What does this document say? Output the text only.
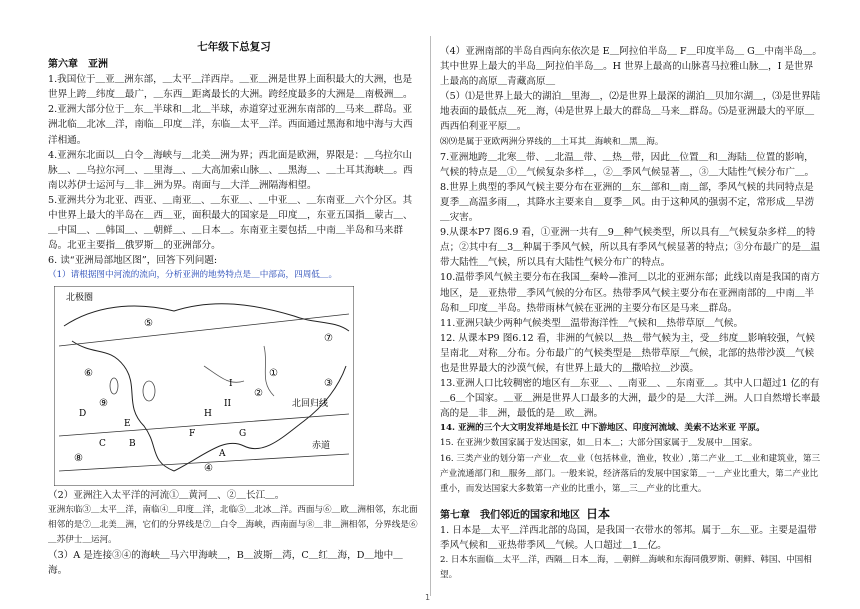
七年级下总复习
第六章　亚洲
1.我国位于＿亚＿洲东部，＿太平＿洋西岸。＿亚＿洲是世界上面积最大的大洲，也是世界上跨＿纬度＿最广，＿东西＿距离最长的大洲。跨经度最多的大洲是＿南极洲＿。
2.亚洲大部分位于＿东＿半球和＿北＿半球，赤道穿过亚洲东南部的＿马来＿群岛。亚洲北临＿北冰＿洋，南临＿印度＿洋，东临＿太平＿洋。西面通过黑海和地中海与大西洋相通。
4.亚洲东北面以＿白令＿海峡与＿北美＿洲为界；西北面是欧洲，界限是：＿乌拉尔山脉＿、＿乌拉尔河＿、＿里海＿、＿大高加索山脉＿、＿黑海＿、＿土耳其海峡＿。西南以苏伊士运河与＿非＿洲为界。南面与＿大洋＿洲隔海相望。
5.亚洲共分为北亚、西亚、＿南亚＿、＿东亚＿、＿中亚＿、＿东南亚＿六个分区。其中世界上最大的半岛在＿西＿亚，面积最大的国家是＿印度＿，东亚五国指＿蒙古＿、＿中国＿、＿韩国＿、＿朝鲜＿、＿日本＿。东南亚主要包括＿中南＿半岛和马来群岛。北亚主要指＿俄罗斯＿的亚洲部分。
6. 读“亚洲局部地区图”，回答下列问题:
（1）请根据图中河流的流向，分析亚洲的地势特点是＿中部高，四周低＿。
北极圈
北回归线
赤道
⑤
④
⑥
⑦
⑧
①
②
③
⑨
I
II
A
B
C
D
E
F	G
H
（2）亚洲注入太平洋的河流①＿黄河＿、②＿长江＿。
亚洲东临③＿太平＿洋，南临④＿印度＿洋，北临⑤＿北冰＿洋。西面与⑥＿欧＿洲相邻，东北面相邻的是⑦＿北美＿洲，它们的分界线是⑦＿白令＿海峡，西南面与⑧＿非＿洲相邻，分界线是⑥＿苏伊士＿运河。
（3）A 是连接③④的海峡＿马六甲海峡＿，B＿波斯＿湾，C＿红＿海，D＿地中＿海。
（4）亚洲南部的半岛自西向东依次是 E＿阿拉伯半岛＿ F＿印度半岛＿ G＿中南半岛＿。其中世界上最大的半岛＿阿拉伯半岛＿。H 世界上最高的山脉喜马拉雅山脉＿，I 是世界上最高的高原＿青藏高原＿
（5）⑴是世界上最大的湖泊＿里海＿，⑵是世界上最深的湖泊＿贝加尔湖＿，⑶是世界陆地表面的最低点＿死＿海，⑷是世界上最大的群岛＿马来＿群岛。⑸是亚洲最大的平原＿西西伯利亚平原＿。
⑻⑼是属于亚欧两洲分界线的＿土耳其＿海峡和＿黑＿海。
7.亚洲地跨＿北寒＿带、＿北温＿带、＿热＿带，因此＿位置＿和＿海陆＿位置的影响，气候的特点是＿①＿气候复杂多样＿，②＿季风气候显著＿，③＿大陆性气候分布广＿。
8.世界上典型的季风气候主要分布在亚洲的＿东＿部和＿南＿部，季风气候的共同特点是夏季＿高温多雨＿，其降水主要来自＿夏季＿风。由于这种风的强弱不定，常形成＿旱涝＿灾害。
9.从课本P7 图6.9 看，①亚洲一共有＿9＿种气候类型，所以具有＿气候复杂多样＿的特点；②其中有＿3＿种属于季风气候，所以具有季风气候显著的特点；③分布最广的是＿温带大陆性＿气候，所以具有大陆性气候分布广的特点。
10.温带季风气候主要分布在我国＿秦岭—淮河＿以北的亚洲东部；此线以南是我国的南方地区，是＿亚热带＿季风气候的分布区。热带季风气候主要分布在亚洲南部的＿中南＿半岛和＿印度＿半岛。热带雨林气候在亚洲的主要分布区是马来＿群岛。
11.亚洲只缺少两种气候类型＿温带海洋性＿气候和＿热带草原＿气候。
12. 从课本P9 图6.12 看，非洲的气候以＿热＿带气候为主，受＿纬度＿影响较强，气候呈南北＿对称＿分布。分布最广的气候类型是＿热带草原＿气候，北部的热带沙漠＿气候也是世界最大的沙漠气候，有世界上最大的＿撒哈拉＿沙漠。
13.亚洲人口比较稠密的地区有＿东亚＿、＿南亚＿、＿东南亚＿。其中人口超过1 亿的有＿6＿个国家。＿亚＿洲是世界人口最多的大洲，最少的是＿大洋＿洲。人口自然增长率最高的是＿非＿洲，最低的是＿欧＿洲。
14. 亚洲的三个大文明发祥地是长江 中下游地区、印度河流域、美索不达米亚 平原。
15. 在亚洲少数国家属于发达国家，如＿日本＿；大部分国家属于＿发展中＿国家。
16. 三类产业的划分第一产业＿农＿业（包括林业，渔业，牧业）,第二产业＿工＿业和建筑业，第三产业流通部门和＿服务＿部门。一般来说，经济落后的发展中国家第＿一＿产业比重大，第二产业比重小，而发达国家大多数第一产业的比重小，第＿三＿产业的比重大。
第七章　我们邻近的国家和地区 日本
1. 日本是＿太平＿洋西北部的岛国，是我国一衣带水的邻邦。属于＿东＿亚。主要是温带季风气候和＿亚热带季风＿气候。人口超过＿1＿亿。
2. 日本东面临＿太平＿洋，西隔＿日本＿海，＿朝鲜＿海峡和东海同俄罗斯、朝鲜、韩国、中国相望。
1
